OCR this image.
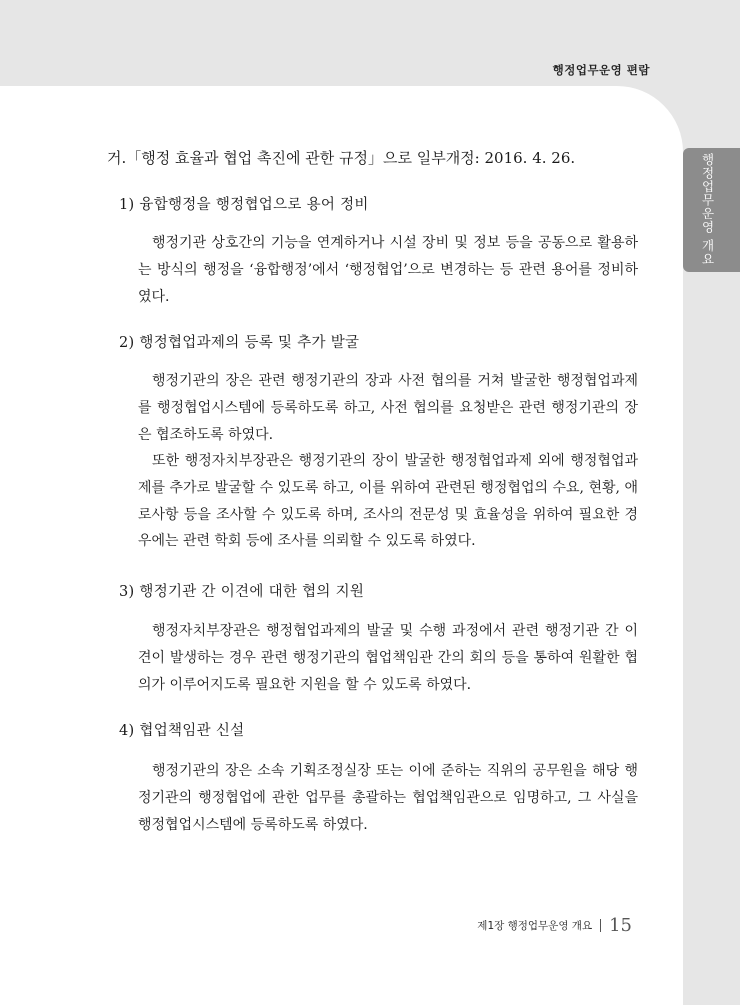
행정업무운영 편람
행정업무운영 개요
거.「행정 효율과 협업 촉진에 관한 규정」으로 일부개정: 2016. 4. 26.
1) 융합행정을 행정협업으로 용어 정비
행정기관 상호간의 기능을 연계하거나 시설 장비 및 정보 등을 공동으로 활용하는 방식의 행정을 ‘융합행정’에서 ‘행정협업’으로 변경하는 등 관련 용어를 정비하였다.
2) 행정협업과제의 등록 및 추가 발굴
행정기관의 장은 관련 행정기관의 장과 사전 협의를 거쳐 발굴한 행정협업과제를 행정협업시스템에 등록하도록 하고, 사전 협의를 요청받은 관련 행정기관의 장은 협조하도록 하였다.
또한 행정자치부장관은 행정기관의 장이 발굴한 행정협업과제 외에 행정협업과제를 추가로 발굴할 수 있도록 하고, 이를 위하여 관련된 행정협업의 수요, 현황, 애로사항 등을 조사할 수 있도록 하며, 조사의 전문성 및 효율성을 위하여 필요한 경우에는 관련 학회 등에 조사를 의뢰할 수 있도록 하였다.
3) 행정기관 간 이견에 대한 협의 지원
행정자치부장관은 행정협업과제의 발굴 및 수행 과정에서 관련 행정기관 간 이견이 발생하는 경우 관련 행정기관의 협업책임관 간의 회의 등을 통하여 원활한 협의가 이루어지도록 필요한 지원을 할 수 있도록 하였다.
4) 협업책임관 신설
행정기관의 장은 소속 기획조정실장 또는 이에 준하는 직위의 공무원을 해당 행정기관의 행정협업에 관한 업무를 총괄하는 협업책임관으로 임명하고, 그 사실을 행정협업시스템에 등록하도록 하였다.
제1장 행정업무운영 개요 15
